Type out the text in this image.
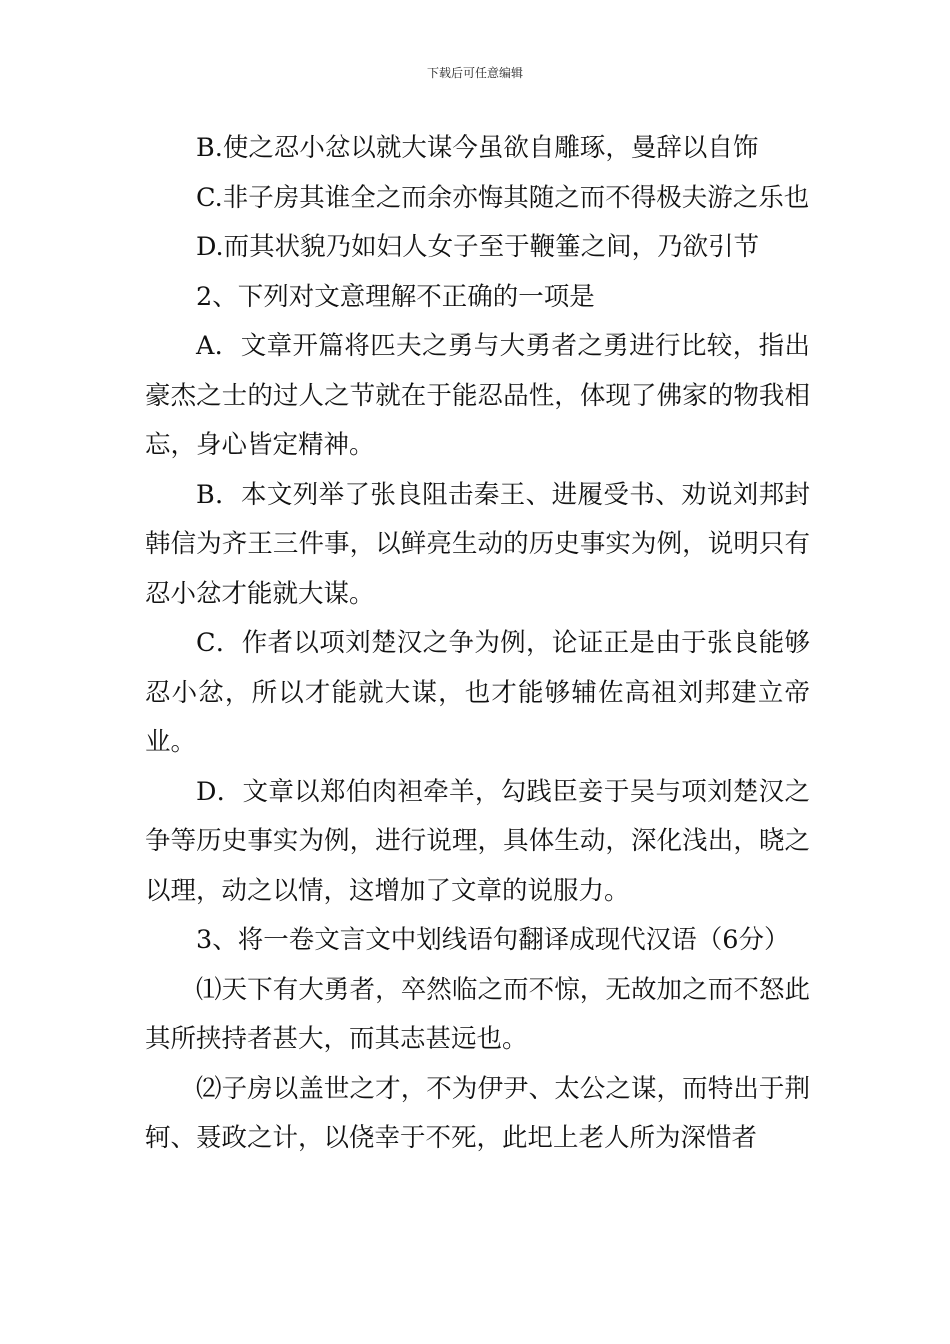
下载后可任意编辑

B.使之忍小忿以就大谋今虽欲自雕琢，曼辞以自饰

C.非子房其谁全之而余亦悔其随之而不得极夫游之乐也

D.而其状貌乃如妇人女子至于鞭箠之间，乃欲引节

2、下列对文意理解不正确的一项是

A．文章开篇将匹夫之勇与大勇者之勇进行比较，指出豪杰之士的过人之节就在于能忍品性，体现了佛家的物我相忘，身心皆定精神。

B．本文列举了张良阻击秦王、进履受书、劝说刘邦封韩信为齐王三件事，以鲜亮生动的历史事实为例，说明只有忍小忿才能就大谋。

C．作者以项刘楚汉之争为例，论证正是由于张良能够忍小忿，所以才能就大谋，也才能够辅佐高祖刘邦建立帝业。

D．文章以郑伯肉袒牵羊，勾践臣妾于吴与项刘楚汉之争等历史事实为例，进行说理，具体生动，深化浅出，晓之以理，动之以情，这增加了文章的说服力。

3、将一卷文言文中划线语句翻译成现代汉语（6分）

⑴天下有大勇者，卒然临之而不惊，无故加之而不怒此其所挟持者甚大，而其志甚远也。

⑵子房以盖世之才，不为伊尹、太公之谋，而特出于荆轲、聂政之计，以侥幸于不死，此圯上老人所为深惜者
